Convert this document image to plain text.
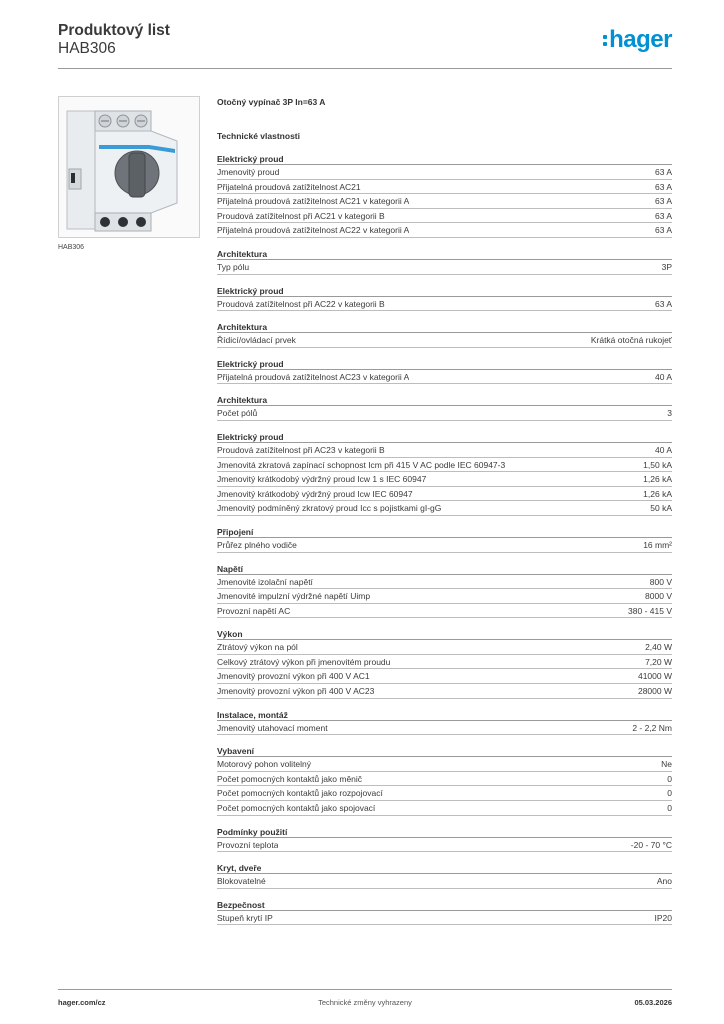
Produktový list
HAB306	hager
HAB306
Otočný vypínač 3P In=63 A
Technické vlastnosti
Elektrický proud
Jmenovitý proud	63 A
Přijatelná proudová zatížitelnost AC21	63 A
Přijatelná proudová zatížitelnost AC21 v kategorii A	63 A
Proudová zatížitelnost při AC21 v kategorii B	63 A
Přijatelná proudová zatížitelnost AC22 v kategorii A	63 A
Architektura
Typ pólu	3P
Elektrický proud
Proudová zatížitelnost při AC22 v kategorii B	63 A
Architektura
Řídicí/ovládací prvek	Krátká otočná rukojeť
Elektrický proud
Přijatelná proudová zatížitelnost AC23 v kategorii A	40 A
Architektura
Počet pólů	3
Elektrický proud
Proudová zatížitelnost při AC23 v kategorii B	40 A
Jmenovitá zkratová zapínací schopnost Icm při 415 V AC podle IEC 60947-3	1,50 kA
Jmenovitý krátkodobý výdržný proud Icw 1 s IEC 60947	1,26 kA
Jmenovitý krátkodobý výdržný proud Icw IEC 60947	1,26 kA
Jmenovitý podmíněný zkratový proud Icc s pojistkami gI-gG	50 kA
Připojení
Průřez plného vodiče	16 mm²
Napětí
Jmenovité izolační napětí	800 V
Jmenovité impulzní výdržné napětí Uimp	8000 V
Provozní napětí AC	380 - 415 V
Výkon
Ztrátový výkon na pól	2,40 W
Celkový ztrátový výkon při jmenovitém proudu	7,20 W
Jmenovitý provozní výkon při 400 V AC1	41000 W
Jmenovitý provozní výkon při 400 V AC23	28000 W
Instalace, montáž
Jmenovitý utahovací moment	2 - 2,2 Nm
Vybavení
Motorový pohon volitelný	Ne
Počet pomocných kontaktů jako měnič	0
Počet pomocných kontaktů jako rozpojovací	0
Počet pomocných kontaktů jako spojovací	0
Podmínky použití
Provozní teplota	-20 - 70 °C
Kryt, dveře
Blokovatelné	Ano
Bezpečnost
Stupeň krytí IP	IP20
hager.com/cz	Technické změny vyhrazeny	05.03.2026
